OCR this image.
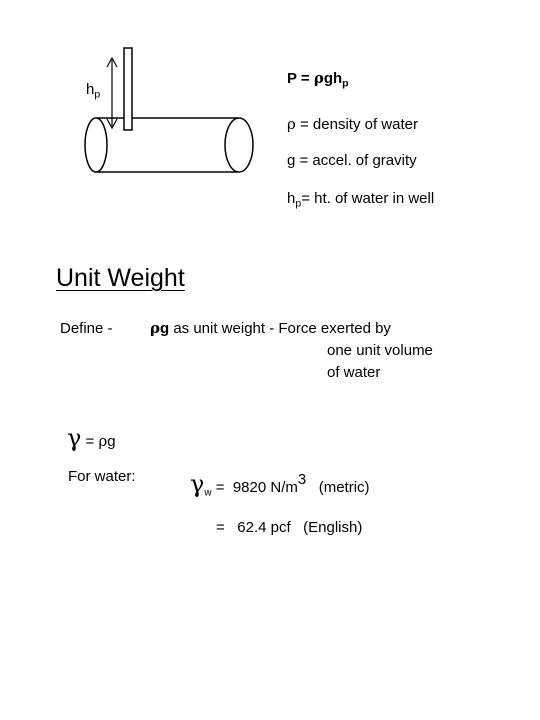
$h_p$
P = ρgh$_p$
ρ = density of water
g = accel. of gravity
$h_p=$ ht. of water in well
Unit Weight
Define - ρg as unit weight - Force exerted by
one unit volume
of water
γ = ρg
For water: $\gamma_w = 9820$ N/m3   (metric)
=   62.4 pcf   (English)
